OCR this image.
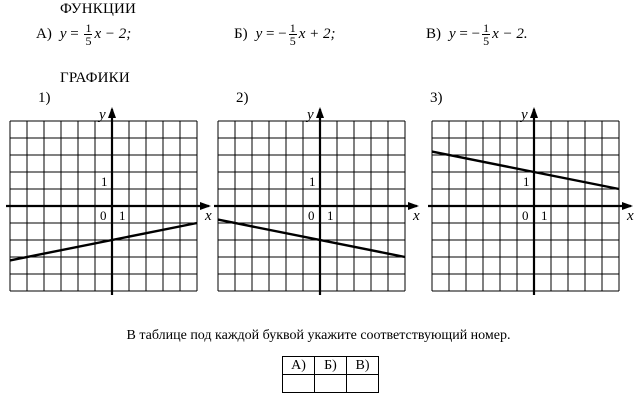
ФУНКЦИИ
А) $y = \frac{1}{5}$ x − 2;	Б) y = − $\frac{1}{5}$ x + 2;	В) y = − $\frac{1}{5}$ x − 2.
ГРАФИКИ
1)	2)	3)
x
y
0 1
1
x
y
0 1
1
x
y
0 1
1
В таблице под каждой буквой укажите соответствующий номер.
А)	Б)	В)
